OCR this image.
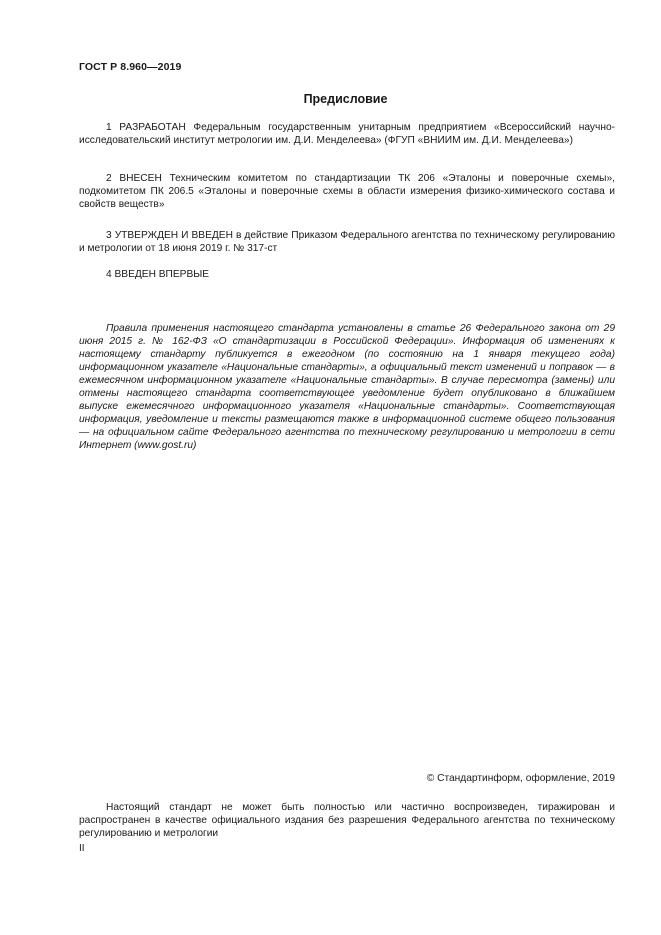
ГОСТ Р 8.960—2019
Предисловие

1 РАЗРАБОТАН Федеральным государственным унитарным предприятием «Всероссийский научно-исследовательский институт метрологии им. Д.И. Менделеева» (ФГУП «ВНИИМ им. Д.И. Менделеева»)

2 ВНЕСЕН Техническим комитетом по стандартизации ТК 206 «Эталоны и поверочные схемы», подкомитетом ПК 206.5 «Эталоны и поверочные схемы в области измерения физико-химического состава и свойств веществ»

3 УТВЕРЖДЕН И ВВЕДЕН в действие Приказом Федерального агентства по техническому регулированию и метрологии от 18 июня 2019 г. № 317-ст

4 ВВЕДЕН ВПЕРВЫЕ

Правила применения настоящего стандарта установлены в статье 26 Федерального закона от 29 июня 2015 г. № 162-ФЗ «О стандартизации в Российской Федерации». Информация об изменениях к настоящему стандарту публикуется в ежегодном (по состоянию на 1 января текущего года) информационном указателе «Национальные стандарты», а официальный текст изменений и поправок — в ежемесячном информационном указателе «Национальные стандарты». В случае пересмотра (замены) или отмены настоящего стандарта соответствующее уведомление будет опубликовано в ближайшем выпуске ежемесячного информационного указателя «Национальные стандарты». Соответствующая информация, уведомление и тексты размещаются также в информационной системе общего пользования — на официальном сайте Федерального агентства по техническому регулированию и метрологии в сети Интернет (www.gost.ru)

© Стандартинформ, оформление, 2019

Настоящий стандарт не может быть полностью или частично воспроизведен, тиражирован и распространен в качестве официального издания без разрешения Федерального агентства по техническому регулированию и метрологии

II
